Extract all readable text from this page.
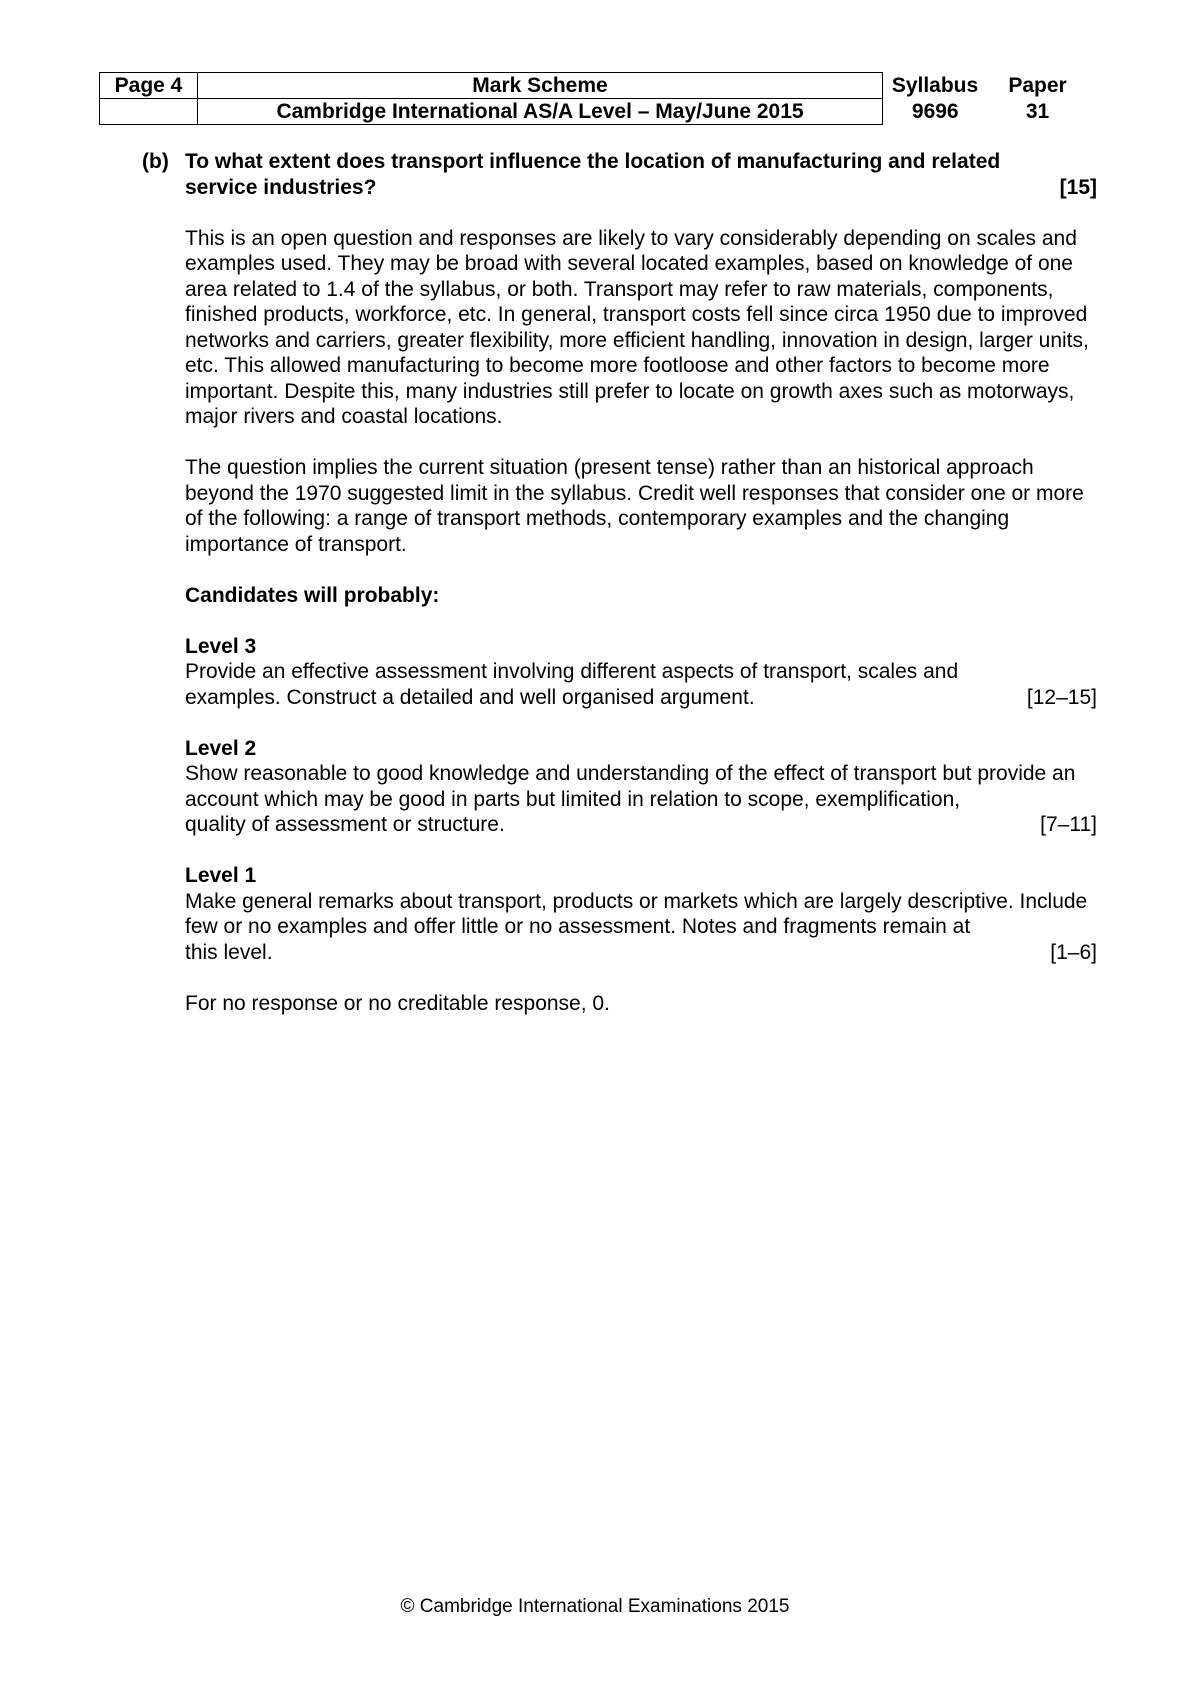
Page 4	Mark Scheme	Syllabus	Paper
	Cambridge International AS/A Level – May/June 2015	9696	31
(b) To what extent does transport influence the location of manufacturing and related
service industries?	[15]

This is an open question and responses are likely to vary considerably depending on scales and examples used. They may be broad with several located examples, based on knowledge of one area related to 1.4 of the syllabus, or both. Transport may refer to raw materials, components, finished products, workforce, etc. In general, transport costs fell since circa 1950 due to improved networks and carriers, greater flexibility, more efficient handling, innovation in design, larger units, etc. This allowed manufacturing to become more footloose and other factors to become more important. Despite this, many industries still prefer to locate on growth axes such as motorways, major rivers and coastal locations.

The question implies the current situation (present tense) rather than an historical approach beyond the 1970 suggested limit in the syllabus. Credit well responses that consider one or more of the following: a range of transport methods, contemporary examples and the changing importance of transport.

Candidates will probably:
Level 3
Provide an effective assessment involving different aspects of transport, scales and
examples. Construct a detailed and well organised argument.	[12–15]
Level 2
Show reasonable to good knowledge and understanding of the effect of transport but provide an account which may be good in parts but limited in relation to scope, exemplification,
quality of assessment or structure.	[7–11]
Level 1
Make general remarks about transport, products or markets which are largely descriptive. Include few or no examples and offer little or no assessment. Notes and fragments remain at
this level.	[1–6]

For no response or no creditable response, 0.

© Cambridge International Examinations 2015
